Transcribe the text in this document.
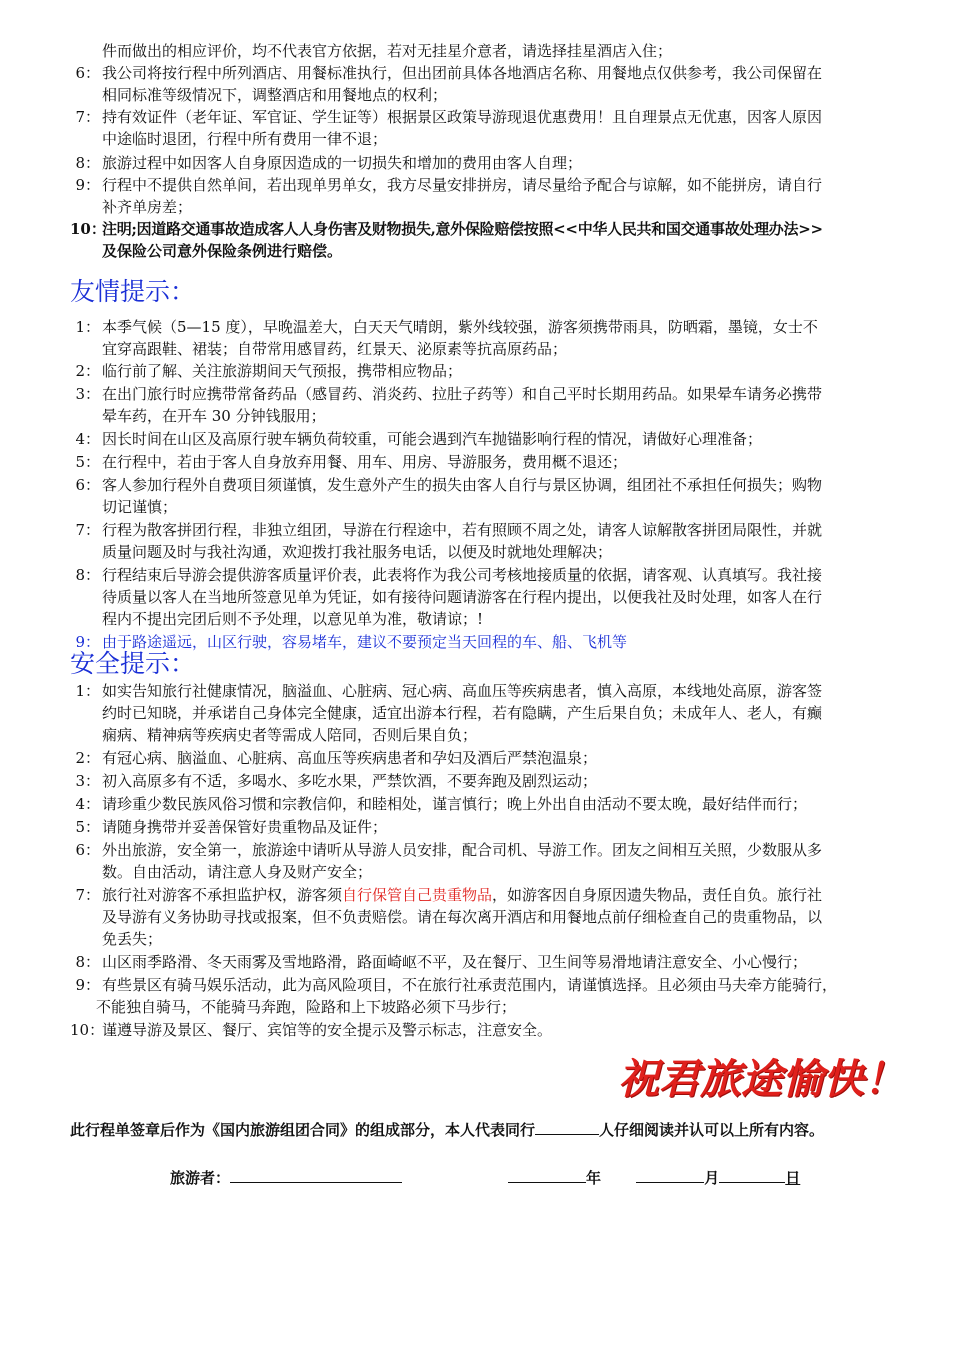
件而做出的相应评价，均不代表官方依据，若对无挂星介意者，请选择挂星酒店入住；
6： 我公司将按行程中所列酒店、用餐标准执行，但出团前具体各地酒店名称、用餐地点仅供参考，我公司保留在
相同标准等级情况下，调整酒店和用餐地点的权利；
7： 持有效证件（老年证、军官证、学生证等）根据景区政策导游现退优惠费用！且自理景点无优惠，因客人原因
中途临时退团，行程中所有费用一律不退；
8： 旅游过程中如因客人自身原因造成的一切损失和增加的费用由客人自理；
9： 行程中不提供自然单间，若出现单男单女，我方尽量安排拼房，请尽量给予配合与谅解，如不能拼房，请自行
补齐单房差；
10：
注明;因道路交通事故造成客人人身伤害及财物损失,意外保险赔偿按照<<中华人民共和国交通事故处理办法>>
及保险公司意外保险条例进行赔偿。
友情提示：
1： 本季气候（5—15 度），早晚温差大，白天天气晴朗，紫外线较强，游客须携带雨具，防晒霜，墨镜，女士不
宜穿高跟鞋、裙装；自带常用感冒药，红景天、泌原素等抗高原药品；
2： 临行前了解、关注旅游期间天气预报，携带相应物品；
3： 在出门旅行时应携带常备药品（感冒药、消炎药、拉肚子药等）和自己平时长期用药品。如果晕车请务必携带
晕车药，在开车 30 分钟钱服用；
4： 因长时间在山区及高原行驶车辆负荷较重，可能会遇到汽车抛锚影响行程的情况，请做好心理准备；
5： 在行程中，若由于客人自身放弃用餐、用车、用房、导游服务，费用概不退还；
6： 客人参加行程外自费项目须谨慎，发生意外产生的损失由客人自行与景区协调，组团社不承担任何损失；购物
切记谨慎；
7： 行程为散客拼团行程，非独立组团，导游在行程途中，若有照顾不周之处，请客人谅解散客拼团局限性，并就
质量问题及时与我社沟通，欢迎拨打我社服务电话，以便及时就地处理解决；
8： 行程结束后导游会提供游客质量评价表，此表将作为我公司考核地接质量的依据，请客观、认真填写。我社接
待质量以客人在当地所签意见单为凭证，如有接待问题请游客在行程内提出，以便我社及时处理，如客人在行
程内不提出完团后则不予处理，以意见单为准，敬请谅；!
9： 由于路途遥远，山区行驶，容易堵车，建议不要预定当天回程的车、船、飞机等
安全提示：
1： 如实告知旅行社健康情况，脑溢血、心脏病、冠心病、高血压等疾病患者，慎入高原，本线地处高原，游客签
约时已知晓，并承诺自己身体完全健康，适宜出游本行程，若有隐瞒，产生后果自负；未成年人、老人，有癫
痫病、精神病等疾病史者等需成人陪同，否则后果自负；
2： 有冠心病、脑溢血、心脏病、高血压等疾病患者和孕妇及酒后严禁泡温泉；
3： 初入高原多有不适，多喝水、多吃水果，严禁饮酒，不要奔跑及剧烈运动；
4： 请珍重少数民族风俗习惯和宗教信仰，和睦相处，谨言慎行；晚上外出自由活动不要太晚，最好结伴而行；
5： 请随身携带并妥善保管好贵重物品及证件；
6： 外出旅游，安全第一，旅游途中请听从导游人员安排，配合司机、导游工作。团友之间相互关照，少数服从多
数。自由活动，请注意人身及财产安全；
7： 旅行社对游客不承担监护权，游客须自行保管自己贵重物品，如游客因自身原因遗失物品，责任自负。旅行社
及导游有义务协助寻找或报案，但不负责赔偿。请在每次离开酒店和用餐地点前仔细检查自己的贵重物品，以
免丢失；
8： 山区雨季路滑、冬天雨雾及雪地路滑，路面崎岖不平，及在餐厅、卫生间等易滑地请注意安全、小心慢行；
9： 有些景区有骑马娱乐活动，此为高风险项目，不在旅行社承责范围内，请谨慎选择。且必须由马夫牵方能骑行，
不能独自骑马，不能骑马奔跑，险路和上下坡路必须下马步行；
10：
谨遵导游及景区、餐厅、宾馆等的安全提示及警示标志，注意安全。
祝君旅途愉快！
此行程单签章后作为《国内旅游组团合同》的组成部分，本人代表同行	人仔细阅读并认可以上所有内容。
旅游者：	年	月	日
